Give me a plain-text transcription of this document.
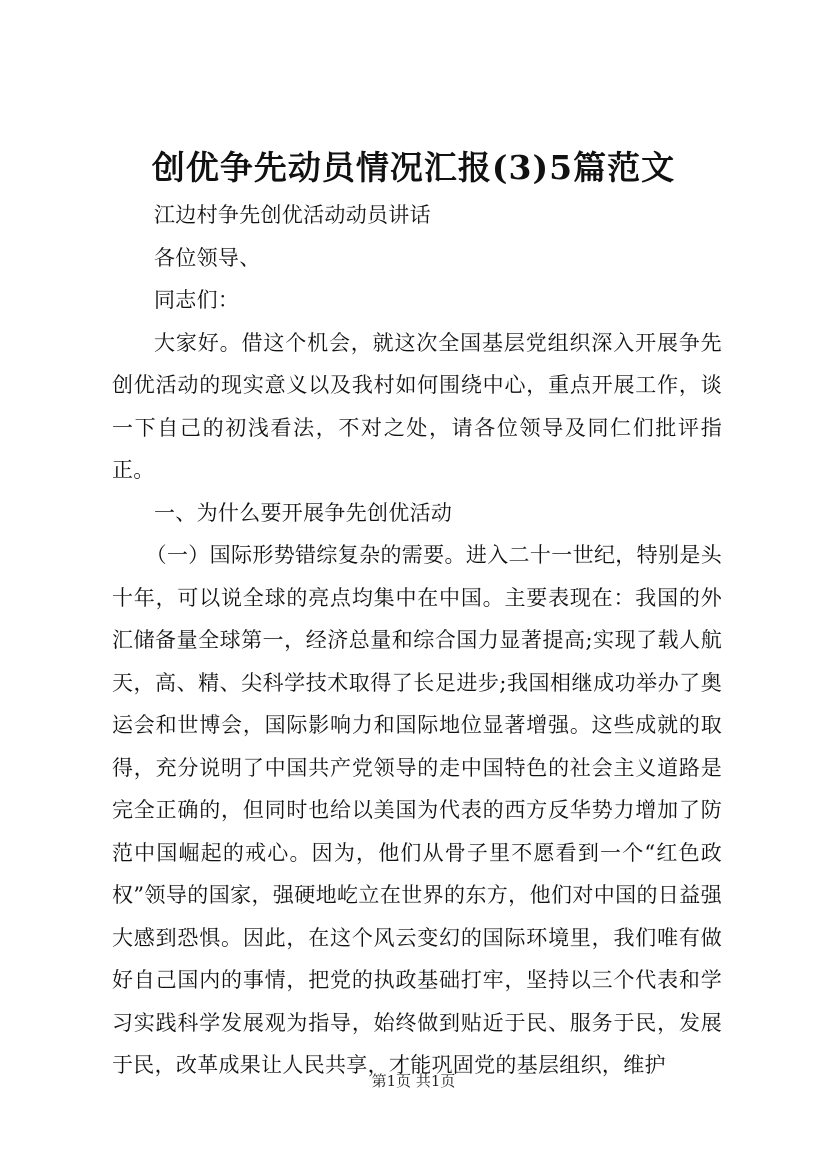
创优争先动员情况汇报(3)5篇范文

江边村争先创优活动动员讲话

各位领导、

同志们：

大家好。借这个机会，就这次全国基层党组织深入开展争先创优活动的现实意义以及我村如何围绕中心，重点开展工作，谈一下自己的初浅看法，不对之处，请各位领导及同仁们批评指正。

一、为什么要开展争先创优活动

（一）国际形势错综复杂的需要。进入二十一世纪，特别是头十年，可以说全球的亮点均集中在中国。主要表现在：我国的外汇储备量全球第一，经济总量和综合国力显著提高;实现了载人航天，高、精、尖科学技术取得了长足进步;我国相继成功举办了奥运会和世博会，国际影响力和国际地位显著增强。这些成就的取得，充分说明了中国共产党领导的走中国特色的社会主义道路是完全正确的，但同时也给以美国为代表的西方反华势力增加了防范中国崛起的戒心。因为，他们从骨子里不愿看到一个“红色政权”领导的国家，强硬地屹立在世界的东方，他们对中国的日益强大感到恐惧。因此，在这个风云变幻的国际环境里，我们唯有做好自己国内的事情，把党的执政基础打牢，坚持以三个代表和学习实践科学发展观为指导，始终做到贴近于民、服务于民，发展于民，改革成果让人民共享，才能巩固党的基层组织，维护

第1页 共1页
